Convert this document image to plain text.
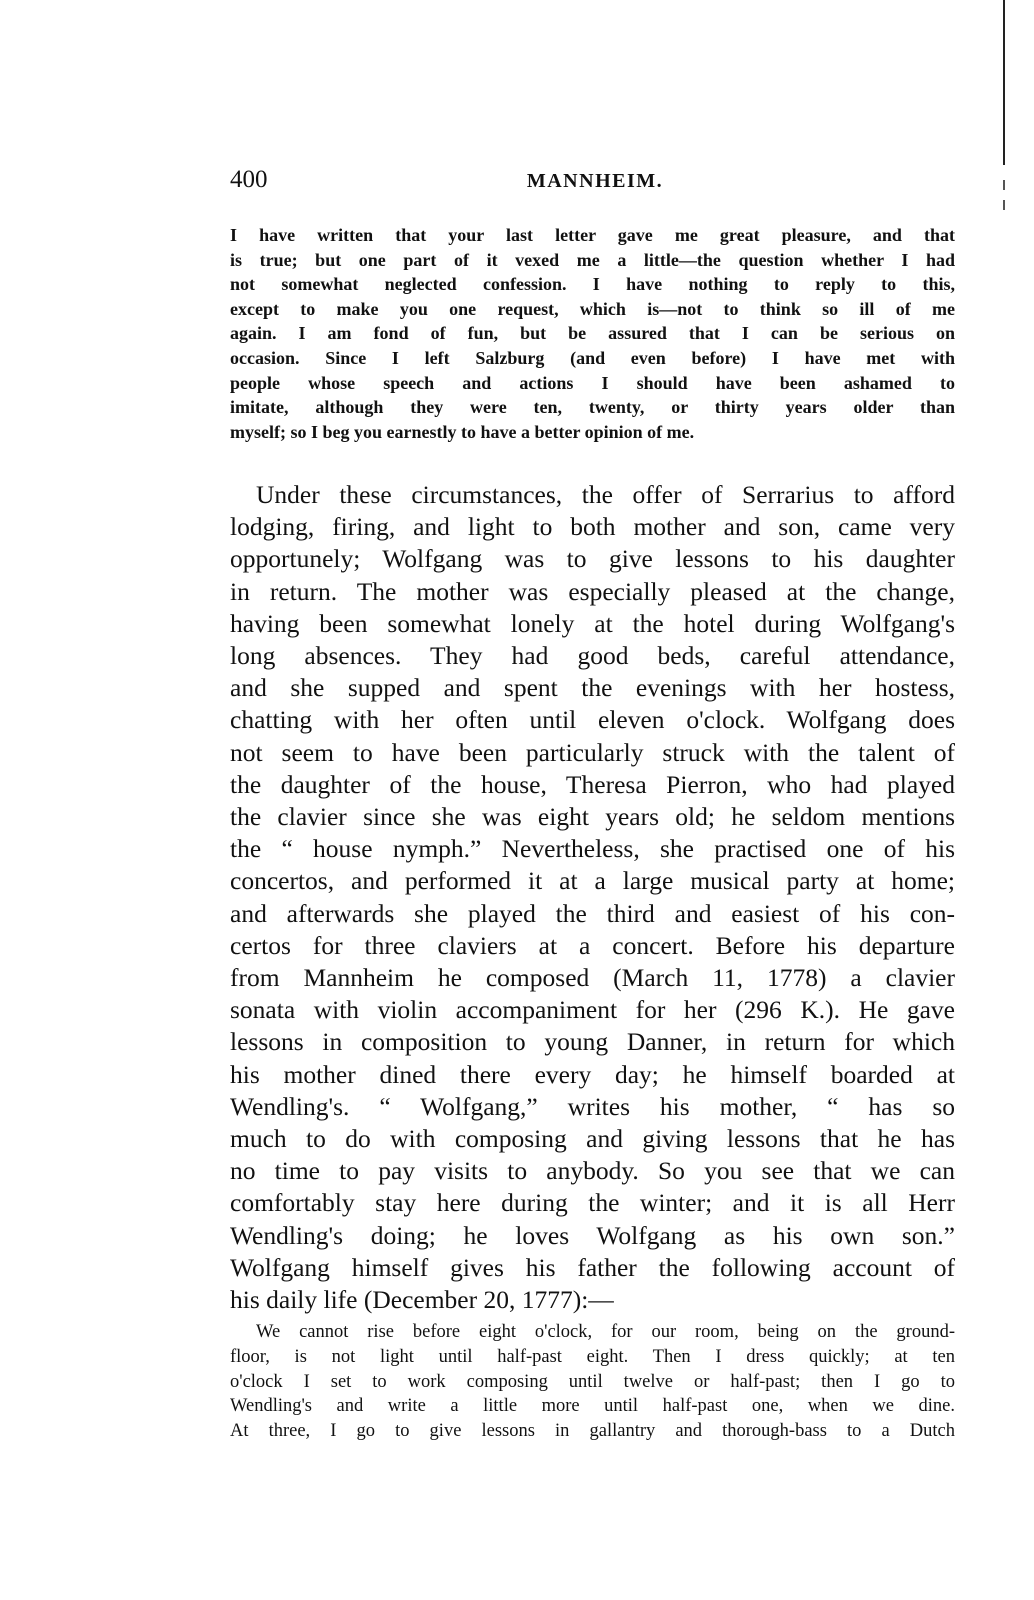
400	MANNHEIM.
I have written that your last letter gave me great pleasure, and that
is true; but one part of it vexed me a little—the question whether I had
not somewhat neglected confession. I have nothing to reply to this,
except to make you one request, which is—not to think so ill of me
again. I am fond of fun, but be assured that I can be serious on
occasion. Since I left Salzburg (and even before) I have met with
people whose speech and actions I should have been ashamed to
imitate, although they were ten, twenty, or thirty years older than
myself; so I beg you earnestly to have a better opinion of me.
Under these circumstances, the offer of Serrarius to afford
lodging, firing, and light to both mother and son, came very
opportunely; Wolfgang was to give lessons to his daughter
in return. The mother was especially pleased at the change,
having been somewhat lonely at the hotel during Wolfgang's
long absences. They had good beds, careful attendance,
and she supped and spent the evenings with her hostess,
chatting with her often until eleven o'clock. Wolfgang does
not seem to have been particularly struck with the talent of
the daughter of the house, Theresa Pierron, who had played
the clavier since she was eight years old; he seldom mentions
the “ house nymph.” Nevertheless, she practised one of his
concertos, and performed it at a large musical party at home;
and afterwards she played the third and easiest of his con-
certos for three claviers at a concert. Before his departure
from Mannheim he composed (March 11, 1778) a clavier
sonata with violin accompaniment for her (296 K.). He gave
lessons in composition to young Danner, in return for which
his mother dined there every day; he himself boarded at
Wendling's. “ Wolfgang,” writes his mother, “ has so
much to do with composing and giving lessons that he has
no time to pay visits to anybody. So you see that we can
comfortably stay here during the winter; and it is all Herr
Wendling's doing; he loves Wolfgang as his own son.”
Wolfgang himself gives his father the following account of
his daily life (December 20, 1777):—
We cannot rise before eight o'clock, for our room, being on the ground-
floor, is not light until half-past eight. Then I dress quickly; at ten
o'clock I set to work composing until twelve or half-past; then I go to
Wendling's and write a little more until half-past one, when we dine.
At three, I go to give lessons in gallantry and thorough-bass to a Dutch
